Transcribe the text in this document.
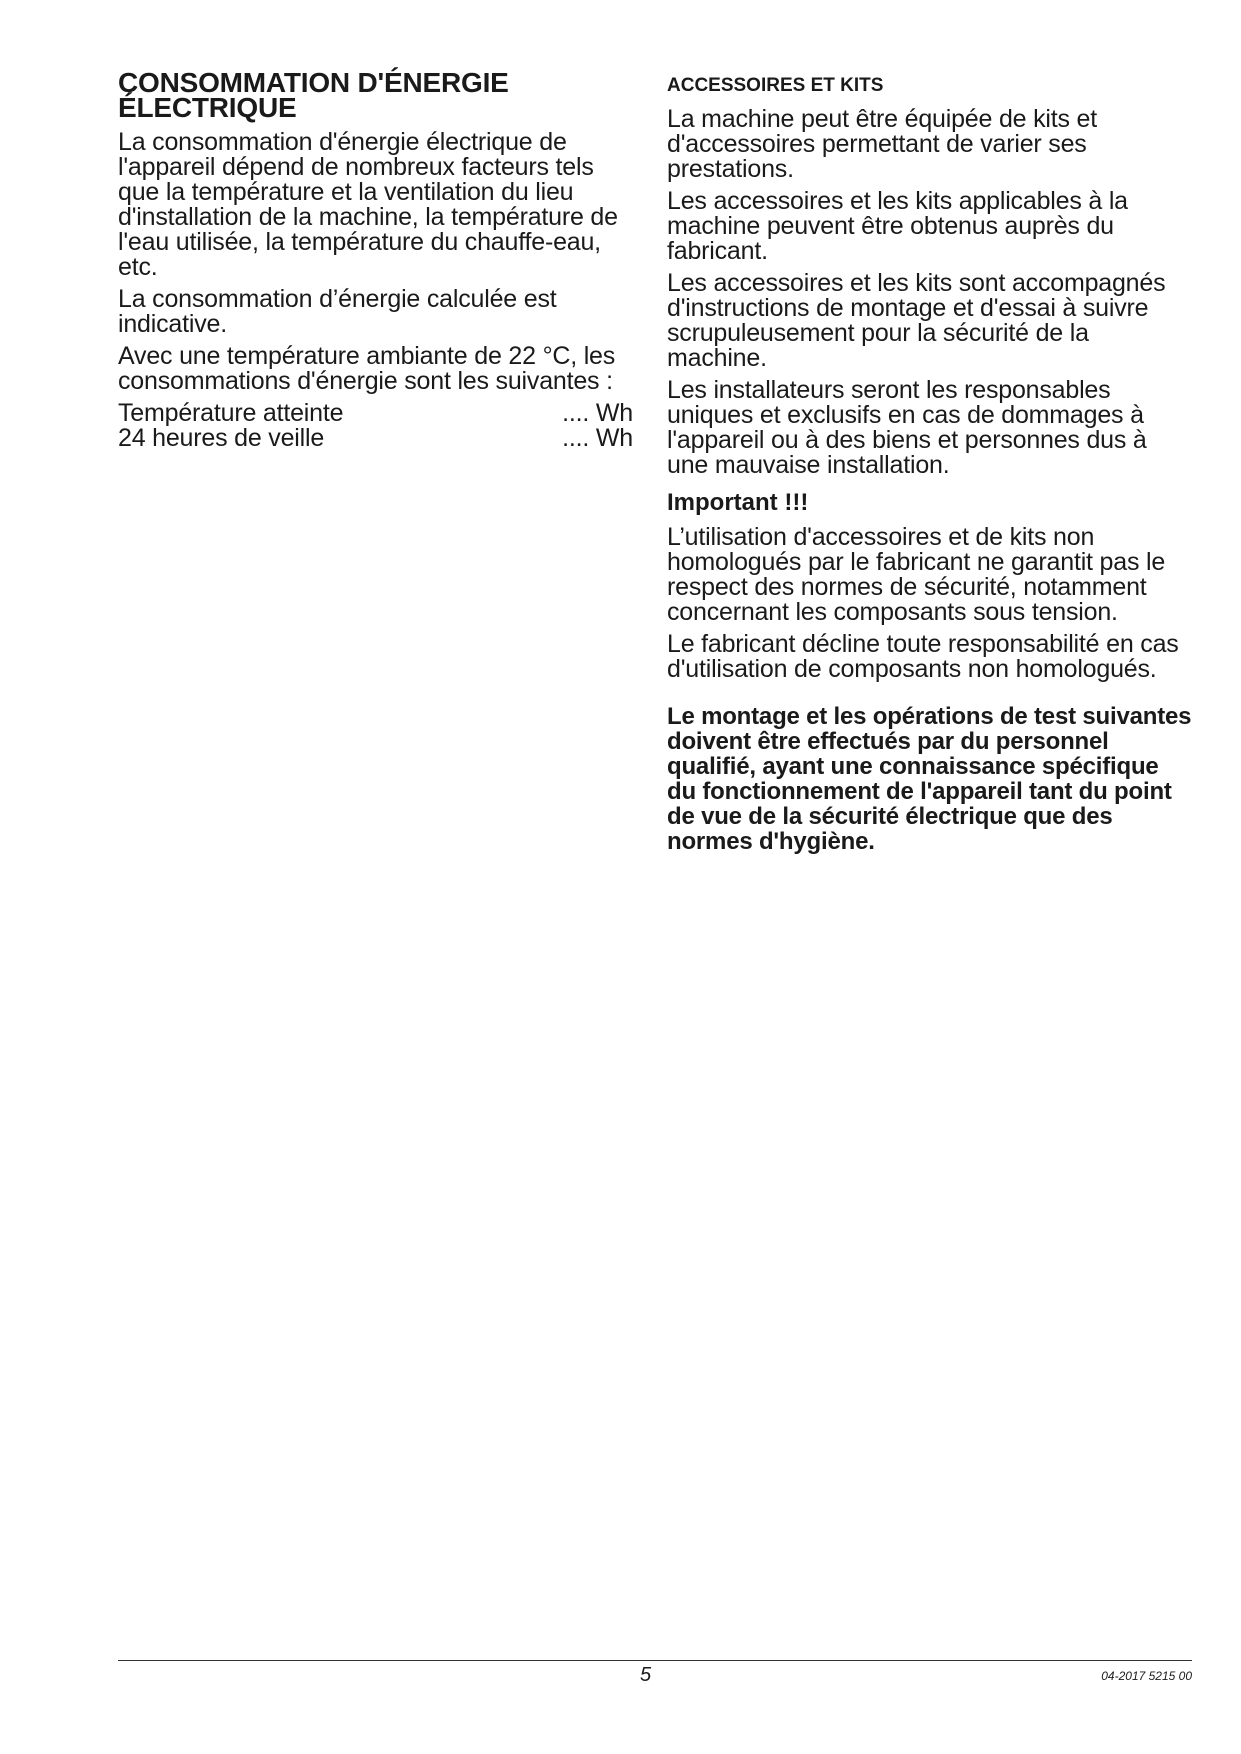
CONSOMMATION D'ÉNERGIE
ÉLECTRIQUE

La consommation d'énergie électrique de l'appareil dépend de nombreux facteurs tels que la température et la ventilation du lieu d'installation de la machine, la température de l'eau utilisée, la température du chauffe-eau, etc.

La consommation d’énergie calculée est indicative.

Avec une température ambiante de 22 °C, les consommations d'énergie sont les suivantes :

Température atteinte	.... Wh
24 heures de veille	.... Wh
ACCESSOIRES ET KITS

La machine peut être équipée de kits et d'accessoires permettant de varier ses prestations.

Les accessoires et les kits applicables à la machine peuvent être obtenus auprès du fabricant.

Les accessoires et les kits sont accompagnés d'instructions de montage et d'essai à suivre scrupuleusement pour la sécurité de la machine.

Les installateurs seront les responsables uniques et exclusifs en cas de dommages à l'appareil ou à des biens et personnes dus à une mauvaise installation.

Important !!!

L’utilisation d'accessoires et de kits non homologués par le fabricant ne garantit pas le respect des normes de sécurité, notamment concernant les composants sous tension.

Le fabricant décline toute responsabilité en cas d'utilisation de composants non homologués.

Le montage et les opérations de test suivantes doivent être effectués par du personnel qualifié, ayant une connaissance spécifique du fonctionnement de l'appareil tant du point de vue de la sécurité électrique que des normes d'hygiène.

5	04-2017 5215 00
